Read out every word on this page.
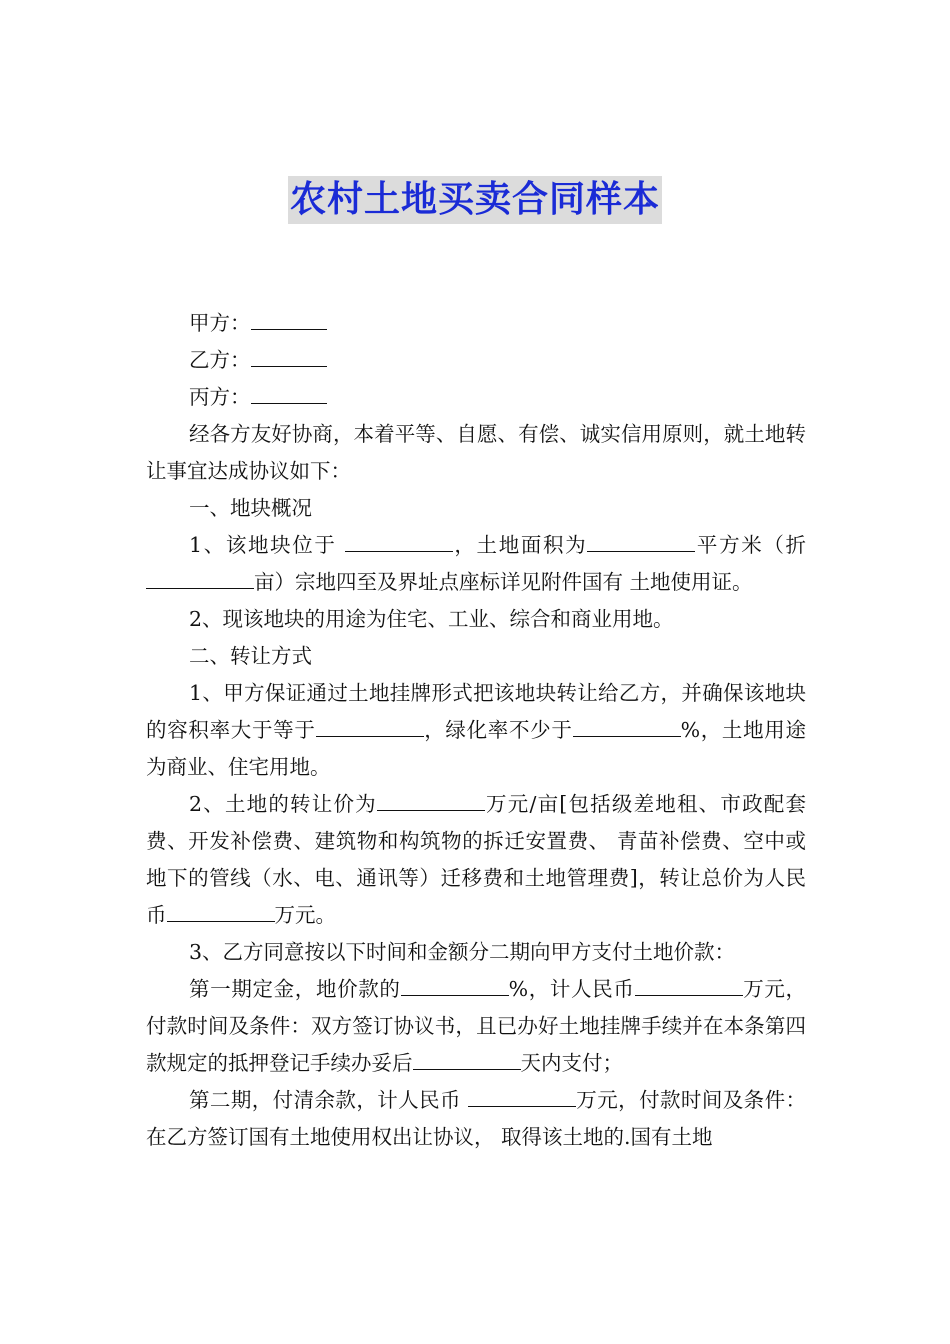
农村土地买卖合同样本

甲方：

乙方：

丙方：

经各方友好协商，本着平等、自愿、有偿、诚实信用原则，就土地转让事宜达成协议如下：

一、地块概况

1、该地块位于	，土地面积为	平方米（折亩）宗地四至及界址点座标详见附件国有 土地使用证。

2、现该地块的用途为住宅、工业、综合和商业用地。

二、转让方式

1、甲方保证通过土地挂牌形式把该地块转让给乙方，并确保该地块的容积率大于等于	，绿化率不少于	%，土地用途为商业、住宅用地。

2、土地的转让价为	万元/亩[包括级差地租、市政配套费、开发补偿费、建筑物和构筑物的拆迁安置费、 青苗补偿费、空中或地下的管线（水、电、通讯等）迁移费和土地管理费]，转让总价为人民币	万元。

3、乙方同意按以下时间和金额分二期向甲方支付土地价款：

第一期定金，地价款的	%，计人民币	万元，付款时间及条件：双方签订协议书，且已办好土地挂牌手续并在本条第四款规定的抵押登记手续办妥后	天内支付；

第二期，付清余款，计人民币	万元，付款时间及条件：在乙方签订国有土地使用权出让协议， 取得该土地的.国有土地
